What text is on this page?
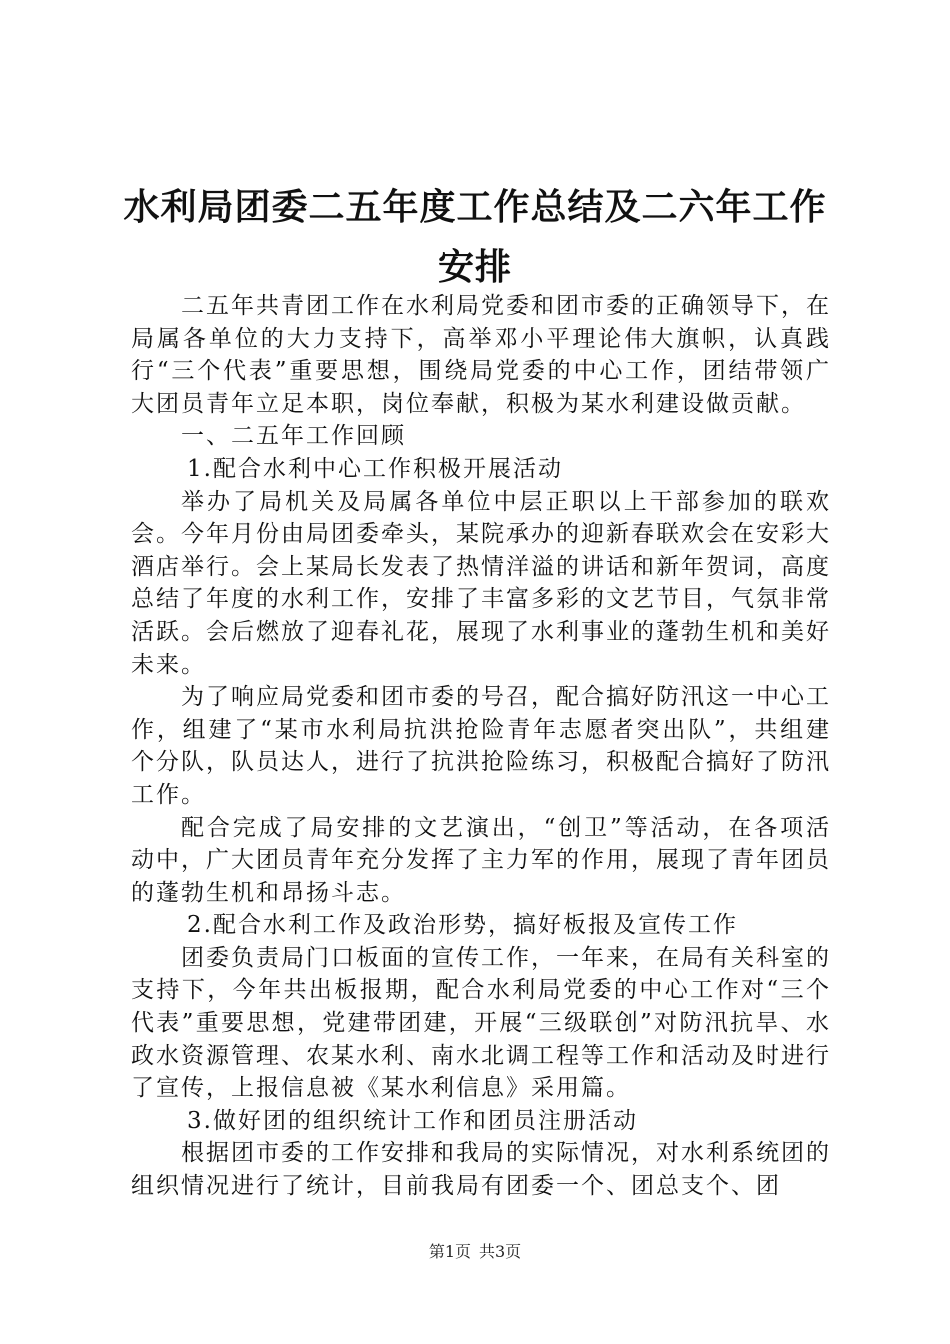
水利局团委二五年度工作总结及二六年工作安排

二五年共青团工作在水利局党委和团市委的正确领导下，在局属各单位的大力支持下，高举邓小平理论伟大旗帜，认真践行“三个代表”重要思想，围绕局党委的中心工作，团结带领广大团员青年立足本职，岗位奉献，积极为某水利建设做贡献。

一、二五年工作回顾

1.配合水利中心工作积极开展活动

举办了局机关及局属各单位中层正职以上干部参加的联欢会。今年月份由局团委牵头，某院承办的迎新春联欢会在安彩大酒店举行。会上某局长发表了热情洋溢的讲话和新年贺词，高度总结了年度的水利工作，安排了丰富多彩的文艺节目，气氛非常活跃。会后燃放了迎春礼花，展现了水利事业的蓬勃生机和美好未来。

为了响应局党委和团市委的号召，配合搞好防汛这一中心工作，组建了“某市水利局抗洪抢险青年志愿者突出队”，共组建个分队，队员达人，进行了抗洪抢险练习，积极配合搞好了防汛工作。

配合完成了局安排的文艺演出，“创卫”等活动，在各项活动中，广大团员青年充分发挥了主力军的作用，展现了青年团员的蓬勃生机和昂扬斗志。

2.配合水利工作及政治形势，搞好板报及宣传工作

团委负责局门口板面的宣传工作，一年来，在局有关科室的支持下，今年共出板报期，配合水利局党委的中心工作对“三个代表”重要思想，党建带团建，开展“三级联创”对防汛抗旱、水政水资源管理、农某水利、南水北调工程等工作和活动及时进行了宣传，上报信息被《某水利信息》采用篇。

3.做好团的组织统计工作和团员注册活动

根据团市委的工作安排和我局的实际情况，对水利系统团的组织情况进行了统计，目前我局有团委一个、团总支个、团

第1页 共3页
